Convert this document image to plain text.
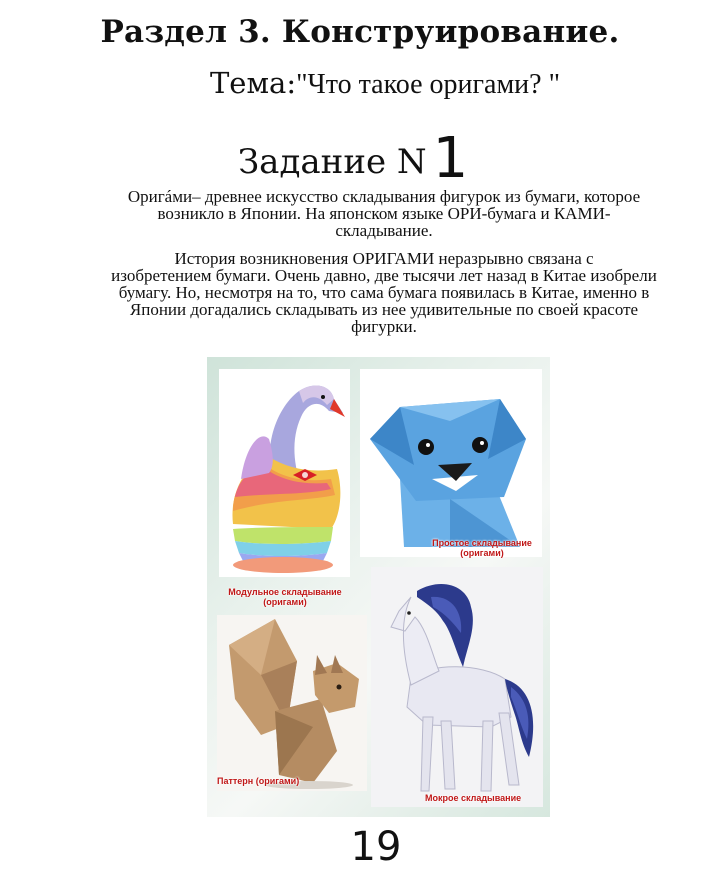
Раздел 3. Конструирование.
Тема:"Что такое оригами? "
Задание N 1
Оригáми– древнее искусство складывания фигурок из бумаги, которое
возникло в Японии. На японском языке ОРИ-бумага и КАМИ-
складывание.
История возникновения ОРИГАМИ неразрывно связана с
изобретением бумаги. Очень давно, две тысячи лет назад в Китае изобрели
бумагу. Но, несмотря на то, что сама бумага появилась в Китае, именно в
Японии догадались складывать из нее удивительные по своей красоте
фигурки.
Модульное складывание
(оригами)
Простое складывание
(оригами)
Паттерн (оригами)
Мокрое складывание
19
